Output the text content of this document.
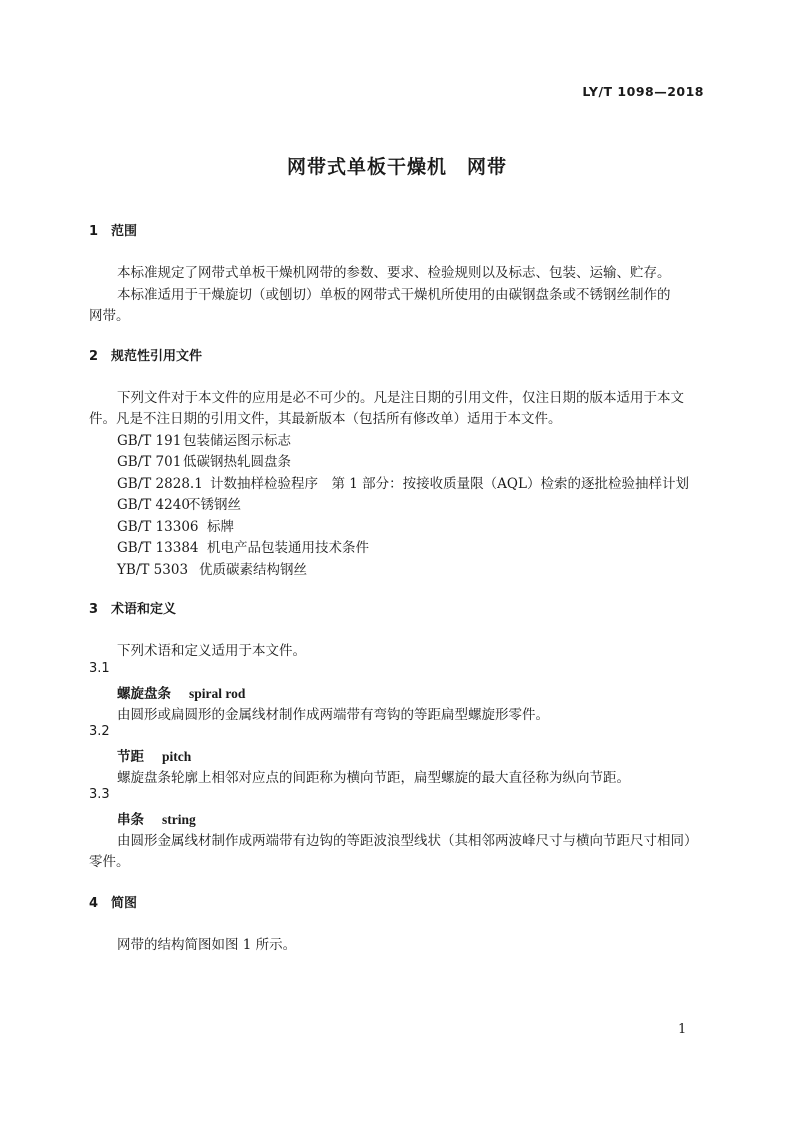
LY/T 1098—2018
网带式单板干燥机　网带
1 范围
本标准规定了网带式单板干燥机网带的参数、要求、检验规则以及标志、包装、运输、贮存。
本标准适用于干燥旋切（或刨切）单板的网带式干燥机所使用的由碳钢盘条或不锈钢丝制作的
网带。
2 规范性引用文件
下列文件对于本文件的应用是必不可少的。凡是注日期的引用文件，仅注日期的版本适用于本文
件。凡是不注日期的引用文件，其最新版本（包括所有修改单）适用于本文件。
GB/T 191 包装储运图示标志
GB/T 701 低碳钢热轧圆盘条
GB/T 2828.1 计数抽样检验程序　第 1 部分：按接收质量限（AQL）检索的逐批检验抽样计划
GB/T 4240不锈钢丝
GB/T 13306 标牌
GB/T 13384 机电产品包装通用技术条件
YB/T 5303 优质碳素结构钢丝
3 术语和定义
下列术语和定义适用于本文件。
3.1
螺旋盘条 spiral rod
由圆形或扁圆形的金属线材制作成两端带有弯钩的等距扁型螺旋形零件。
3.2
节距 pitch
螺旋盘条轮廓上相邻对应点的间距称为横向节距，扁型螺旋的最大直径称为纵向节距。
3.3
串条 string
由圆形金属线材制作成两端带有边钩的等距波浪型线状（其相邻两波峰尺寸与横向节距尺寸相同）
零件。
4 简图
网带的结构简图如图 1 所示。
1
